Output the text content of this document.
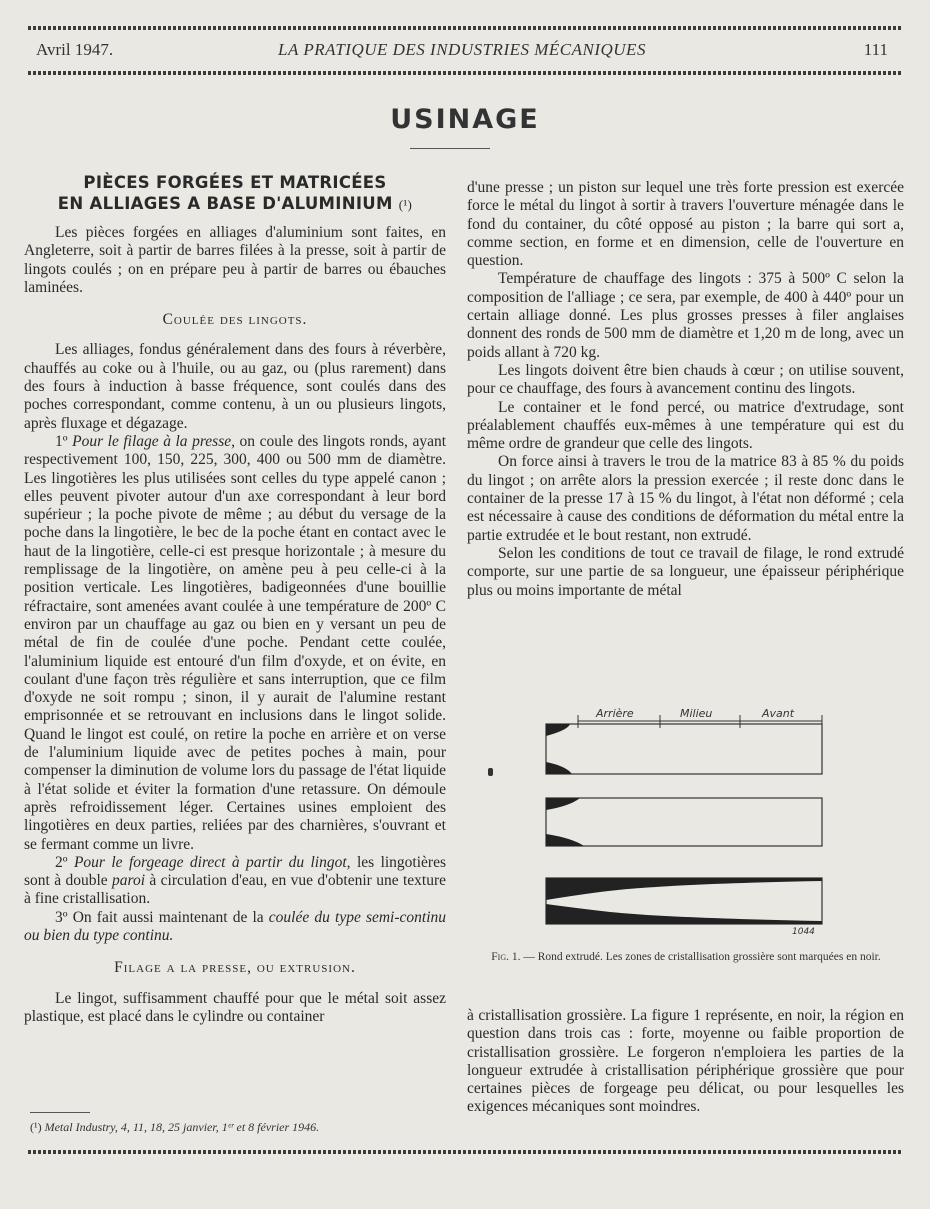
Avril 1947.	LA PRATIQUE DES INDUSTRIES MÉCANIQUES	111
USINAGE
PIÈCES FORGÉES ET MATRICÉES
EN ALLIAGES A BASE D'ALUMINIUM (¹)

Les pièces forgées en alliages d'aluminium sont faites, en Angleterre, soit à partir de barres filées à la presse, soit à partir de lingots coulés ; on en prépare peu à partir de barres ou ébauches laminées.

Coulée des lingots.

Les alliages, fondus généralement dans des fours à réverbère, chauffés au coke ou à l'huile, ou au gaz, ou (plus rarement) dans des fours à induction à basse fréquence, sont coulés dans des poches correspondant, comme contenu, à un ou plusieurs lingots, après fluxage et dégazage.

1º Pour le filage à la presse, on coule des lingots ronds, ayant respectivement 100, 150, 225, 300, 400 ou 500 mm de diamètre. Les lingotières les plus utilisées sont celles du type appelé canon ; elles peuvent pivoter autour d'un axe correspondant à leur bord supérieur ; la poche pivote de même ; au début du versage de la poche dans la lingotière, le bec de la poche étant en contact avec le haut de la lingotière, celle-ci est presque horizontale ; à mesure du remplissage de la lingotière, on amène peu à peu celle-ci à la position verticale. Les lingotières, badigeonnées d'une bouillie réfractaire, sont amenées avant coulée à une température de 200º C environ par un chauffage au gaz ou bien en y versant un peu de métal de fin de coulée d'une poche. Pendant cette coulée, l'aluminium liquide est entouré d'un film d'oxyde, et on évite, en coulant d'une façon très régulière et sans interruption, que ce film d'oxyde ne soit rompu ; sinon, il y aurait de l'alumine restant emprisonnée et se retrouvant en inclusions dans le lingot solide. Quand le lingot est coulé, on retire la poche en arrière et on verse de l'aluminium liquide avec de petites poches à main, pour compenser la diminution de volume lors du passage de l'état liquide à l'état solide et éviter la formation d'une retassure. On démoule après refroidissement léger. Certaines usines emploient des lingotières en deux parties, reliées par des charnières, s'ouvrant et se fermant comme un livre.

2º Pour le forgeage direct à partir du lingot, les lingotières sont à double paroi à circulation d'eau, en vue d'obtenir une texture à fine cristallisation.

3º On fait aussi maintenant de la coulée du type semi-continu ou bien du type continu.

Filage a la presse, ou extrusion.

Le lingot, suffisamment chauffé pour que le métal soit assez plastique, est placé dans le cylindre ou container

(¹) Metal Industry, 4, 11, 18, 25 janvier, 1ᵉʳ et 8 février 1946.

d'une presse ; un piston sur lequel une très forte pression est exercée force le métal du lingot à sortir à travers l'ouverture ménagée dans le fond du container, du côté opposé au piston ; la barre qui sort a, comme section, en forme et en dimension, celle de l'ouverture en question.

Température de chauffage des lingots : 375 à 500º C selon la composition de l'alliage ; ce sera, par exemple, de 400 à 440º pour un certain alliage donné. Les plus grosses presses à filer anglaises donnent des ronds de 500 mm de diamètre et 1,20 m de long, avec un poids allant à 720 kg.

Les lingots doivent être bien chauds à cœur ; on utilise souvent, pour ce chauffage, des fours à avancement continu des lingots.

Le container et le fond percé, ou matrice d'extrudage, sont préalablement chauffés eux-mêmes à une température qui est du même ordre de grandeur que celle des lingots.

On force ainsi à travers le trou de la matrice 83 à 85 % du poids du lingot ; on arrête alors la pression exercée ; il reste donc dans le container de la presse 17 à 15 % du lingot, à l'état non déformé ; cela est nécessaire à cause des conditions de déformation du métal entre la partie extrudée et le bout restant, non extrudé.

Selon les conditions de tout ce travail de filage, le rond extrudé comporte, sur une partie de sa longueur, une épaisseur périphérique plus ou moins importante de métal

Arrière	Milieu	Avant
1044
Fig. 1. — Rond extrudé. Les zones de cristallisation grossière sont marquées en noir.

à cristallisation grossière. La figure 1 représente, en noir, la région en question dans trois cas : forte, moyenne ou faible proportion de cristallisation grossière. Le forgeron n'emploiera les parties de la longueur extrudée à cristallisation périphérique grossière que pour certaines pièces de forgeage peu délicat, ou pour lesquelles les exigences mécaniques sont moindres.
